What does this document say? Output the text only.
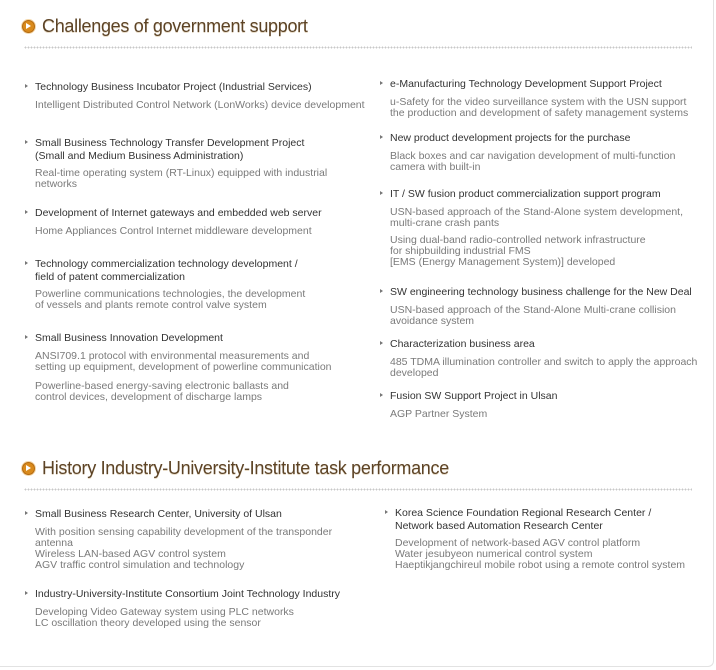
Challenges of government support
Technology Business Incubator Project (Industrial Services)
Intelligent Distributed Control Network (LonWorks) device development
Small Business Technology Transfer Development Project
(Small and Medium Business Administration)
Real-time operating system (RT-Linux) equipped with industrial
networks
Development of Internet gateways and embedded web server
Home Appliances Control Internet middleware development
Technology commercialization technology development /
field of patent commercialization
Powerline communications technologies, the development
of vessels and plants remote control valve system
Small Business Innovation Development
ANSI709.1 protocol with environmental measurements and
setting up equipment, development of powerline communication
Powerline-based energy-saving electronic ballasts and
control devices, development of discharge lamps
e-Manufacturing Technology Development Support Project
u-Safety for the video surveillance system with the USN support
the production and development of safety management systems
New product development projects for the purchase
Black boxes and car navigation development of multi-function
camera with built-in
IT / SW fusion product commercialization support program
USN-based approach of the Stand-Alone system development,
multi-crane crash pants
Using dual-band radio-controlled network infrastructure
for shipbuilding industrial FMS
[EMS (Energy Management System)] developed
SW engineering technology business challenge for the New Deal
USN-based approach of the Stand-Alone Multi-crane collision
avoidance system
Characterization business area
485 TDMA illumination controller and switch to apply the approach
developed
Fusion SW Support Project in Ulsan
AGP Partner System
History Industry-University-Institute task performance
Small Business Research Center, University of Ulsan
With position sensing capability development of the transponder
antenna
Wireless LAN-based AGV control system
AGV traffic control simulation and technology
Industry-University-Institute Consortium Joint Technology Industry
Developing Video Gateway system using PLC networks
LC oscillation theory developed using the sensor
Korea Science Foundation Regional Research Center /
Network based Automation Research Center
Development of network-based AGV control platform
Water jesubyeon numerical control system
Haeptikjangchireul mobile robot using a remote control system
